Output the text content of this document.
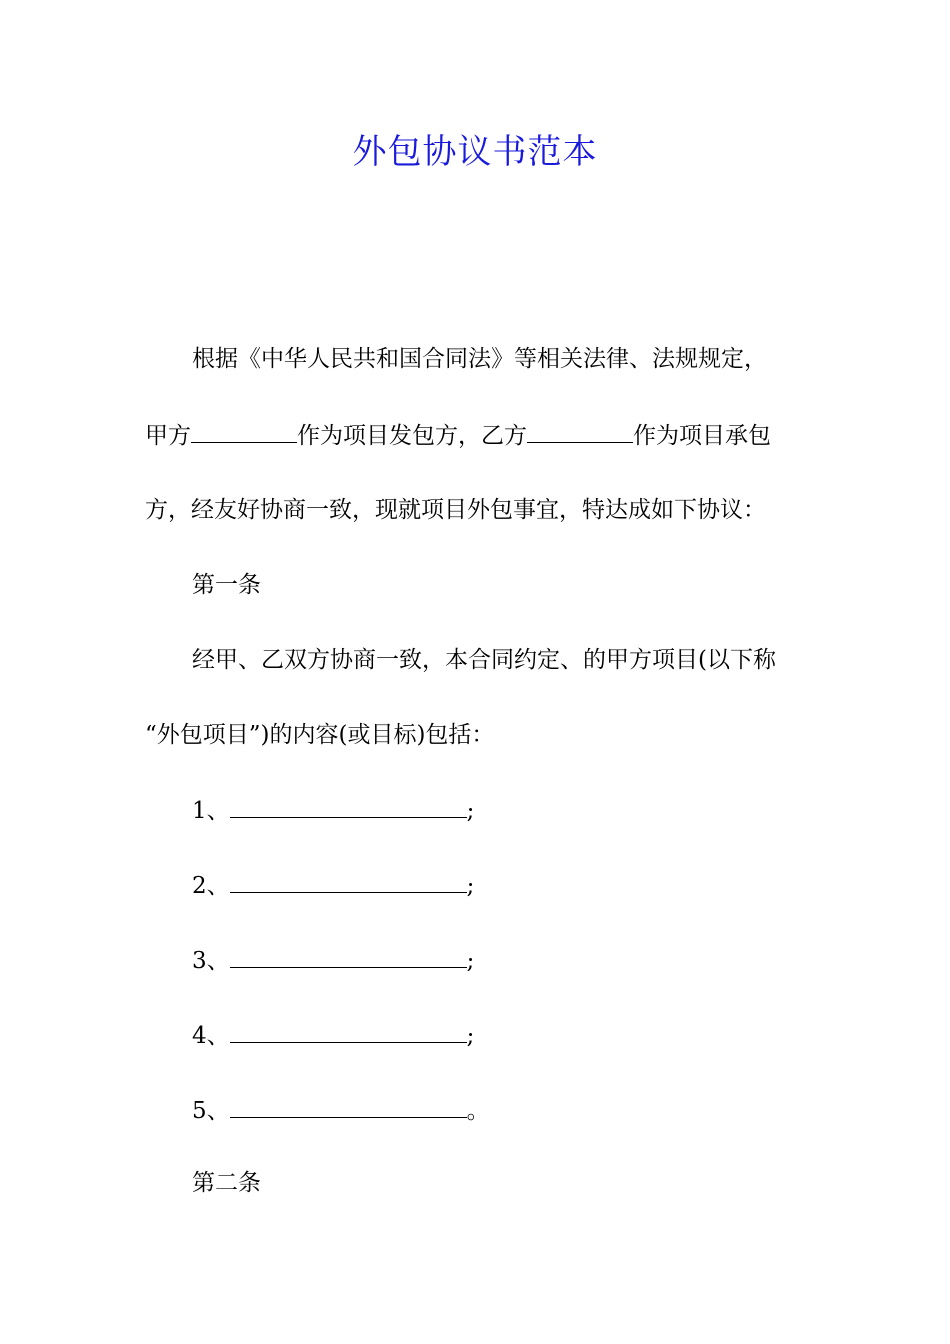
外包协议书范本
根据《中华人民共和国合同法》等相关法律、法规规定，
甲方	作为项目发包方，乙方	作为项目承包
方，经友好协商一致，现就项目外包事宜，特达成如下协议：
第一条
经甲、乙双方协商一致，本合同约定、的甲方项目(以下称
“外包项目”)的内容(或目标)包括：
1、	;
2、	;
3、	;
4、	;
5、	。
第二条
